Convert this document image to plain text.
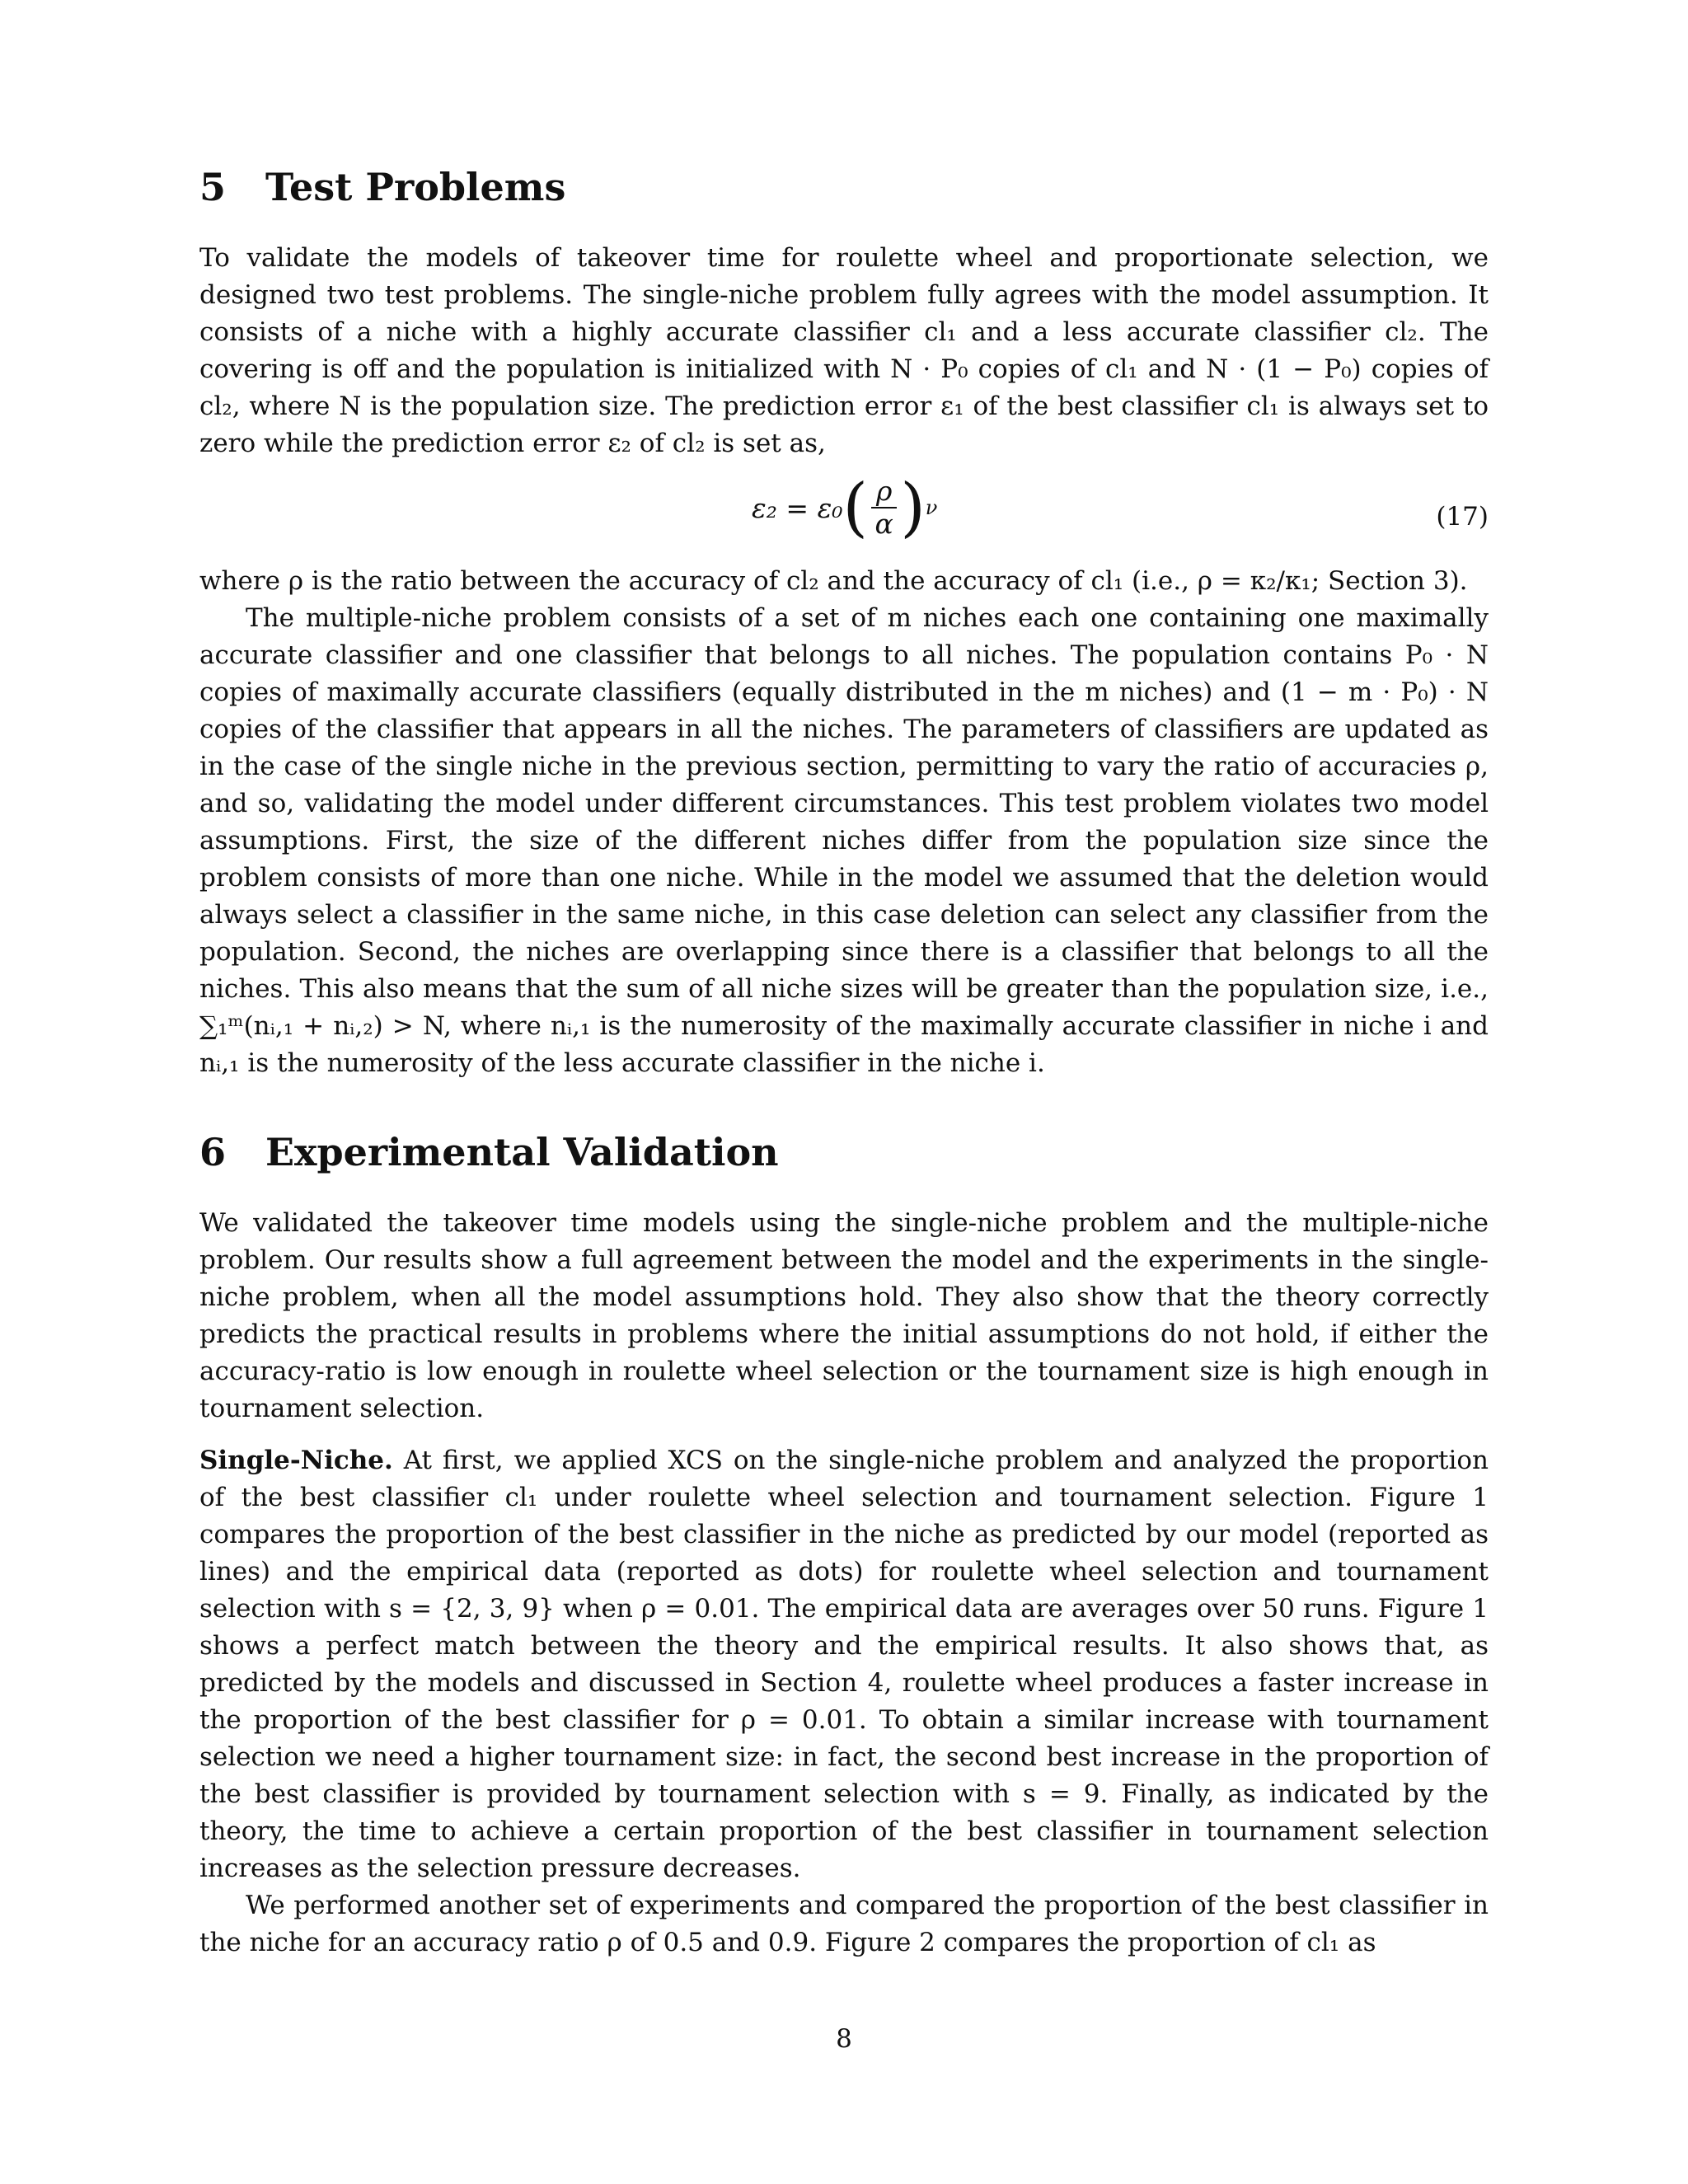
5 Test Problems

To validate the models of takeover time for roulette wheel and proportionate selection, we designed two test problems. The single-niche problem fully agrees with the model assumption. It consists of a niche with a highly accurate classifier cl₁ and a less accurate classifier cl₂. The covering is off and the population is initialized with N · P₀ copies of cl₁ and N · (1 − P₀) copies of cl₂, where N is the population size. The prediction error ε₁ of the best classifier cl₁ is always set to zero while the prediction error ε₂ of cl₂ is set as,

ε₂ = ε₀ ( $\frac{\rho}{\alpha}$ ) ν	(17)

where ρ is the ratio between the accuracy of cl₂ and the accuracy of cl₁ (i.e., ρ = κ₂/κ₁; Section 3).

The multiple-niche problem consists of a set of m niches each one containing one maximally accurate classifier and one classifier that belongs to all niches. The population contains P₀ · N copies of maximally accurate classifiers (equally distributed in the m niches) and (1 − m · P₀) · N copies of the classifier that appears in all the niches. The parameters of classifiers are updated as in the case of the single niche in the previous section, permitting to vary the ratio of accuracies ρ, and so, validating the model under different circumstances. This test problem violates two model assumptions. First, the size of the different niches differ from the population size since the problem consists of more than one niche. While in the model we assumed that the deletion would always select a classifier in the same niche, in this case deletion can select any classifier from the population. Second, the niches are overlapping since there is a classifier that belongs to all the niches. This also means that the sum of all niche sizes will be greater than the population size, i.e., ∑₁ᵐ(nᵢ,₁ + nᵢ,₂) > N, where nᵢ,₁ is the numerosity of the maximally accurate classifier in niche i and nᵢ,₁ is the numerosity of the less accurate classifier in the niche i.

6 Experimental Validation

We validated the takeover time models using the single-niche problem and the multiple-niche problem. Our results show a full agreement between the model and the experiments in the single-niche problem, when all the model assumptions hold. They also show that the theory correctly predicts the practical results in problems where the initial assumptions do not hold, if either the accuracy-ratio is low enough in roulette wheel selection or the tournament size is high enough in tournament selection.

Single-Niche. At first, we applied XCS on the single-niche problem and analyzed the proportion of the best classifier cl₁ under roulette wheel selection and tournament selection. Figure 1 compares the proportion of the best classifier in the niche as predicted by our model (reported as lines) and the empirical data (reported as dots) for roulette wheel selection and tournament selection with s = {2, 3, 9} when ρ = 0.01. The empirical data are averages over 50 runs. Figure 1 shows a perfect match between the theory and the empirical results. It also shows that, as predicted by the models and discussed in Section 4, roulette wheel produces a faster increase in the proportion of the best classifier for ρ = 0.01. To obtain a similar increase with tournament selection we need a higher tournament size: in fact, the second best increase in the proportion of the best classifier is provided by tournament selection with s = 9. Finally, as indicated by the theory, the time to achieve a certain proportion of the best classifier in tournament selection increases as the selection pressure decreases.

We performed another set of experiments and compared the proportion of the best classifier in the niche for an accuracy ratio ρ of 0.5 and 0.9. Figure 2 compares the proportion of cl₁ as

8
